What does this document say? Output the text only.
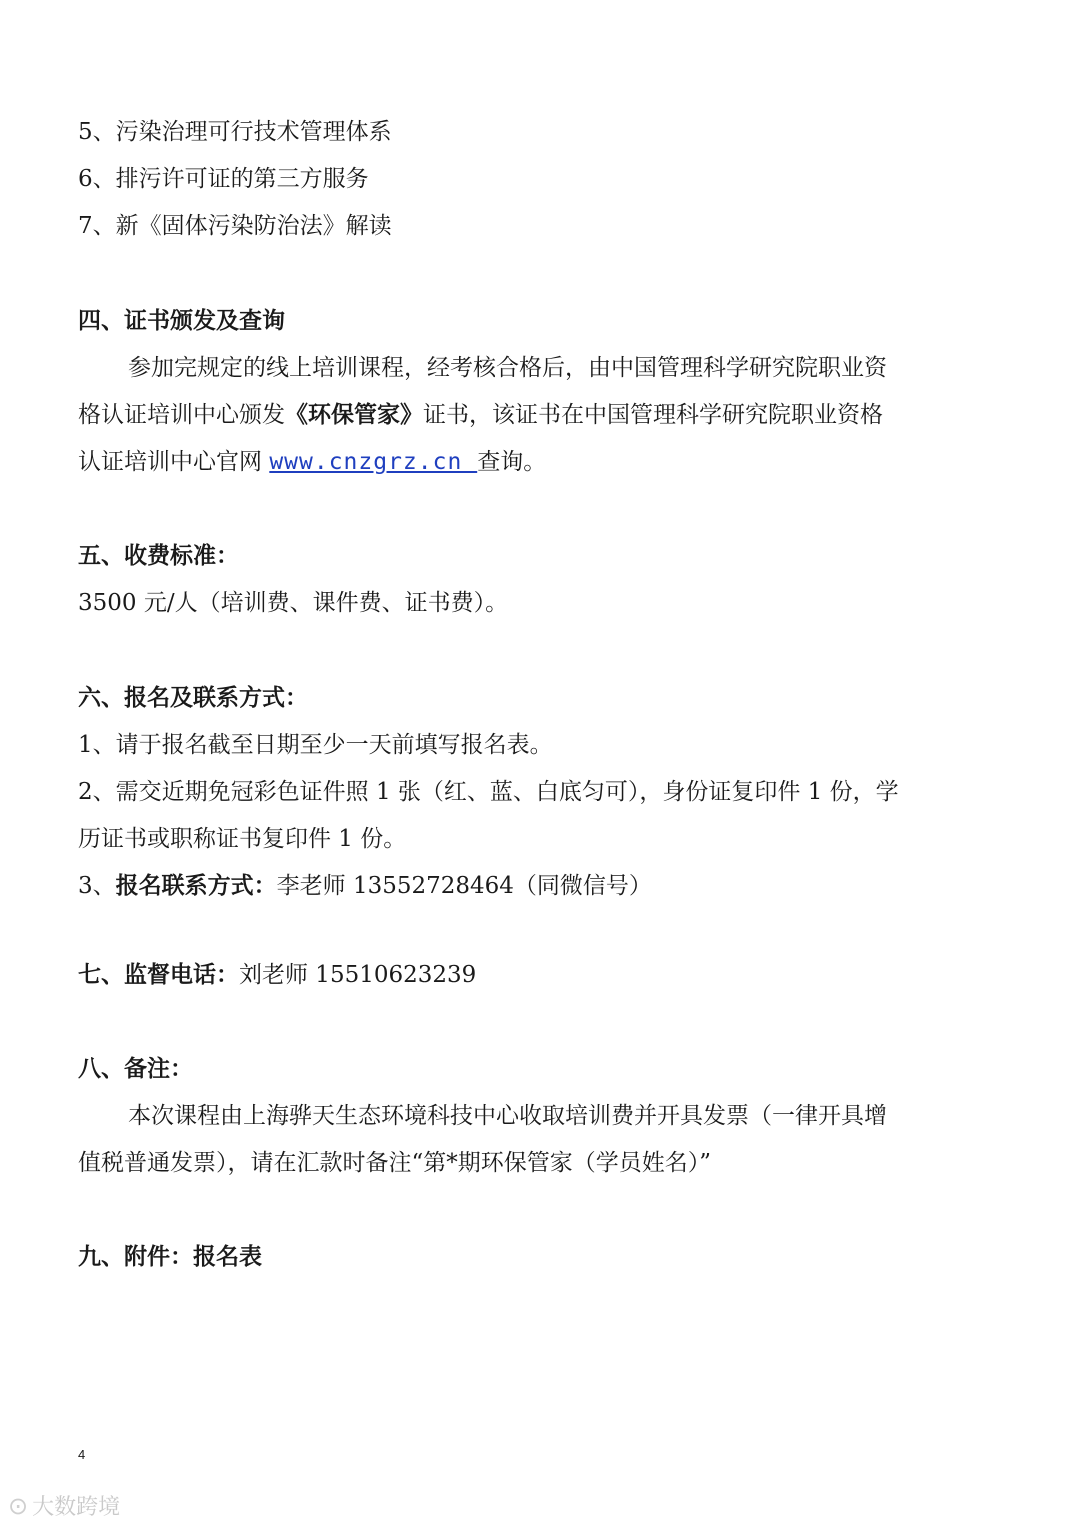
5、污染治理可行技术管理体系
6、排污许可证的第三方服务
7、新《固体污染防治法》解读
四、证书颁发及查询
参加完规定的线上培训课程，经考核合格后，由中国管理科学研究院职业资
格认证培训中心颁发《环保管家》证书，该证书在中国管理科学研究院职业资格
认证培训中心官网 www.cnzgrz.cn 查询。
五、收费标准：
3500 元/人（培训费、课件费、证书费）。
六、报名及联系方式：
1、请于报名截至日期至少一天前填写报名表。
2、需交近期免冠彩色证件照 1 张（红、蓝、白底匀可），身份证复印件 1 份，学
历证书或职称证书复印件 1 份。
3、报名联系方式：李老师 13552728464（同微信号）
七、监督电话：刘老师 15510623239
八、备注：
本次课程由上海骅天生态环境科技中心收取培训费并开具发票（一律开具增
值税普通发票），请在汇款时备注“第*期环保管家（学员姓名）”
九、附件：报名表
4
⊙ 大数跨境
